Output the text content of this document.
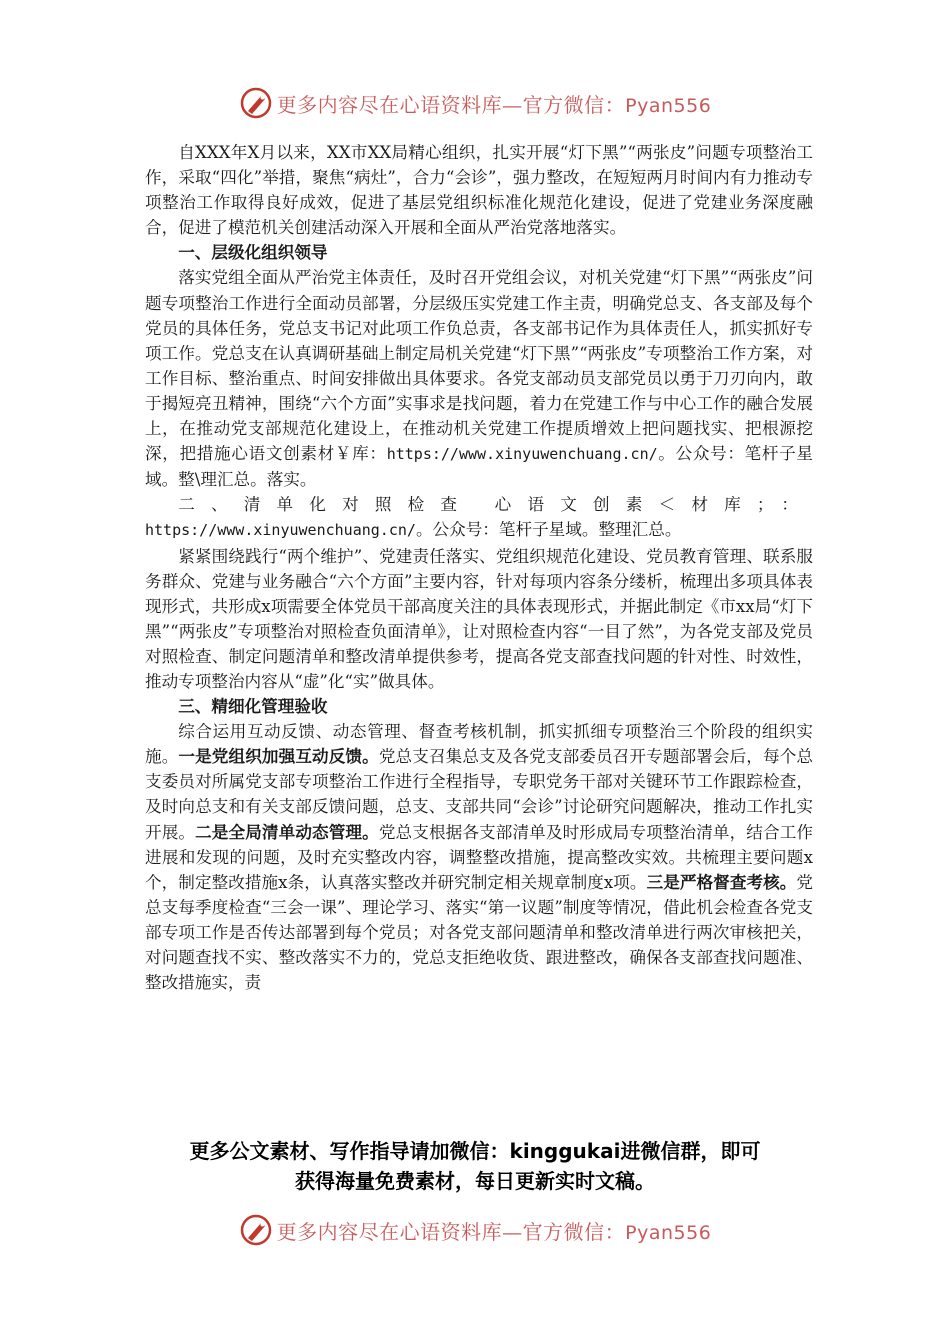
更多内容尽在心语资料库—官方微信：Pyan556

自XXX年X月以来，XX市XX局精心组织，扎实开展“灯下黑”“两张皮”问题专项整治工作，采取“四化”举措，聚焦“病灶”，合力“会诊”，强力整改，在短短两月时间内有力推动专项整治工作取得良好成效，促进了基层党组织标准化规范化建设，促进了党建业务深度融合，促进了模范机关创建活动深入开展和全面从严治党落地落实。

一、层级化组织领导

落实党组全面从严治党主体责任，及时召开党组会议，对机关党建“灯下黑”“两张皮”问题专项整治工作进行全面动员部署，分层级压实党建工作主责，明确党总支、各支部及每个党员的具体任务，党总支书记对此项工作负总责，各支部书记作为具体责任人，抓实抓好专项工作。党总支在认真调研基础上制定局机关党建“灯下黑”“两张皮”专项整治工作方案，对工作目标、整治重点、时间安排做出具体要求。各党支部动员支部党员以勇于刀刃向内，敢于揭短亮丑精神，围绕“六个方面”实事求是找问题，着力在党建工作与中心工作的融合发展上，在推动党支部规范化建设上，在推动机关党建工作提质增效上把问题找实、把根源挖深，把措施心语文创素材￥库：https://www.xinyuwenchuang.cn/。公众号：笔杆子星域。整\理汇总。落实。

二、清单化对照检查 心语文创素＜材库；：https://www.xinyuwenchuang.cn/。公众号：笔杆子星域。整理汇总。

紧紧围绕践行“两个维护”、党建责任落实、党组织规范化建设、党员教育管理、联系服务群众、党建与业务融合“六个方面”主要内容，针对每项内容条分缕析，梳理出多项具体表现形式，共形成x项需要全体党员干部高度关注的具体表现形式，并据此制定《市xx局“灯下黑”“两张皮”专项整治对照检查负面清单》，让对照检查内容“一目了然”，为各党支部及党员对照检查、制定问题清单和整改清单提供参考，提高各党支部查找问题的针对性、时效性，推动专项整治内容从“虚”化“实”做具体。

三、精细化管理验收

综合运用互动反馈、动态管理、督查考核机制，抓实抓细专项整治三个阶段的组织实施。一是党组织加强互动反馈。党总支召集总支及各党支部委员召开专题部署会后，每个总支委员对所属党支部专项整治工作进行全程指导，专职党务干部对关键环节工作跟踪检查，及时向总支和有关支部反馈问题，总支、支部共同“会诊”讨论研究问题解决，推动工作扎实开展。二是全局清单动态管理。党总支根据各支部清单及时形成局专项整治清单，结合工作进展和发现的问题，及时充实整改内容，调整整改措施，提高整改实效。共梳理主要问题x个，制定整改措施x条，认真落实整改并研究制定相关规章制度x项。三是严格督查考核。党总支每季度检查“三会一课”、理论学习、落实“第一议题”制度等情况，借此机会检查各党支部专项工作是否传达部署到每个党员；对各党支部问题清单和整改清单进行两次审核把关，对问题查找不实、整改落实不力的，党总支拒绝收货、跟进整改，确保各支部查找问题准、整改措施实，责

更多公文素材、写作指导请加微信：kinggukai进微信群，即可
获得海量免费素材，每日更新实时文稿。
更多内容尽在心语资料库—官方微信：Pyan556
